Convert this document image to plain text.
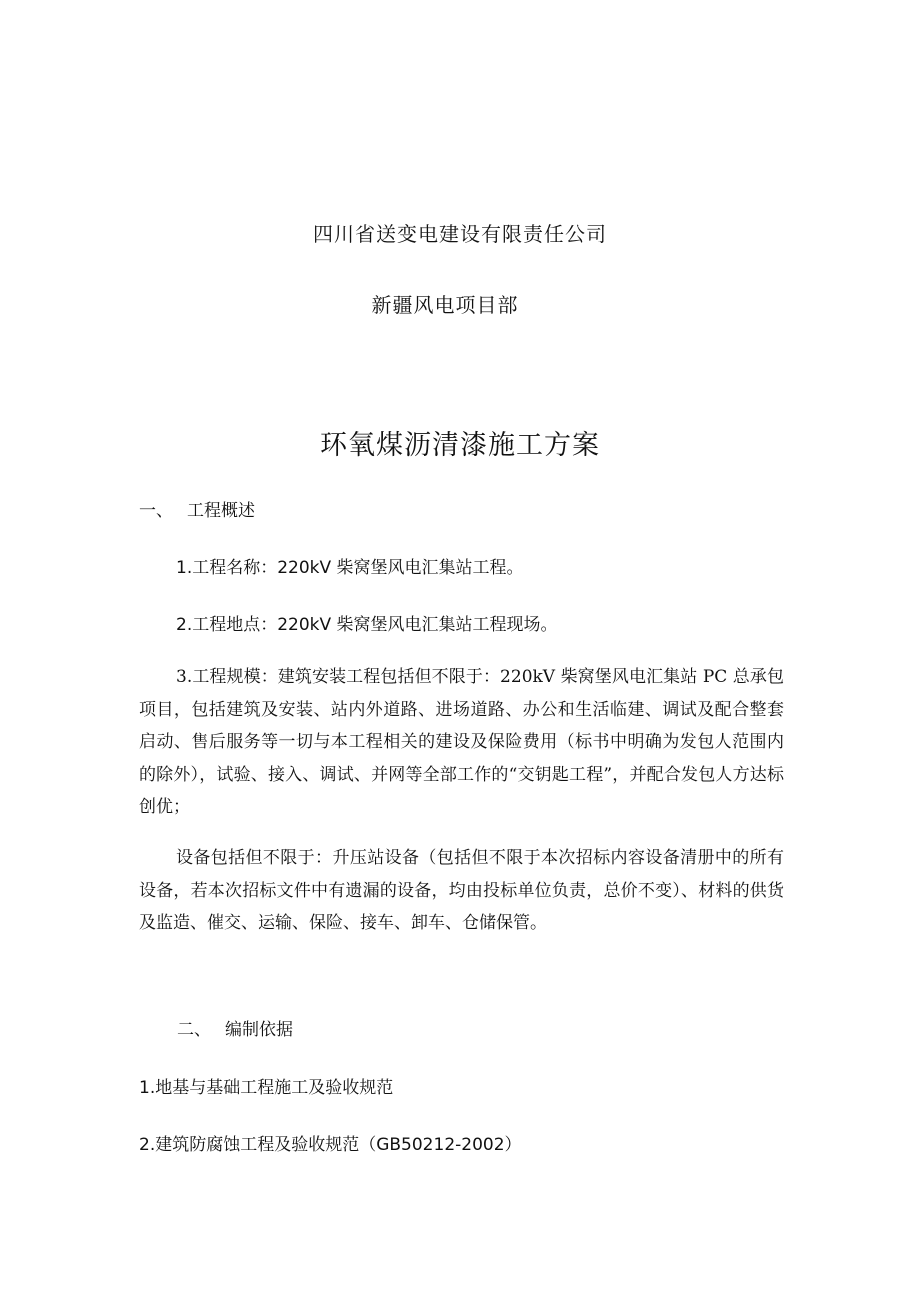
四川省送变电建设有限责任公司
新疆风电项目部
环氧煤沥清漆施工方案
一、 工程概述
1.工程名称：220kV 柴窝堡风电汇集站工程。
2.工程地点：220kV 柴窝堡风电汇集站工程现场。
3.工程规模：建筑安装工程包括但不限于：220kV 柴窝堡风电汇集站 PC 总承包项目，包括建筑及安装、站内外道路、进场道路、办公和生活临建、调试及配合整套启动、售后服务等一切与本工程相关的建设及保险费用（标书中明确为发包人范围内的除外），试验、接入、调试、并网等全部工作的“交钥匙工程”，并配合发包人方达标创优；
设备包括但不限于：升压站设备（包括但不限于本次招标内容设备清册中的所有设备，若本次招标文件中有遗漏的设备，均由投标单位负责，总价不变）、材料的供货及监造、催交、运输、保险、接车、卸车、仓储保管。
二、 编制依据
1.地基与基础工程施工及验收规范
2.建筑防腐蚀工程及验收规范（GB50212-2002）
